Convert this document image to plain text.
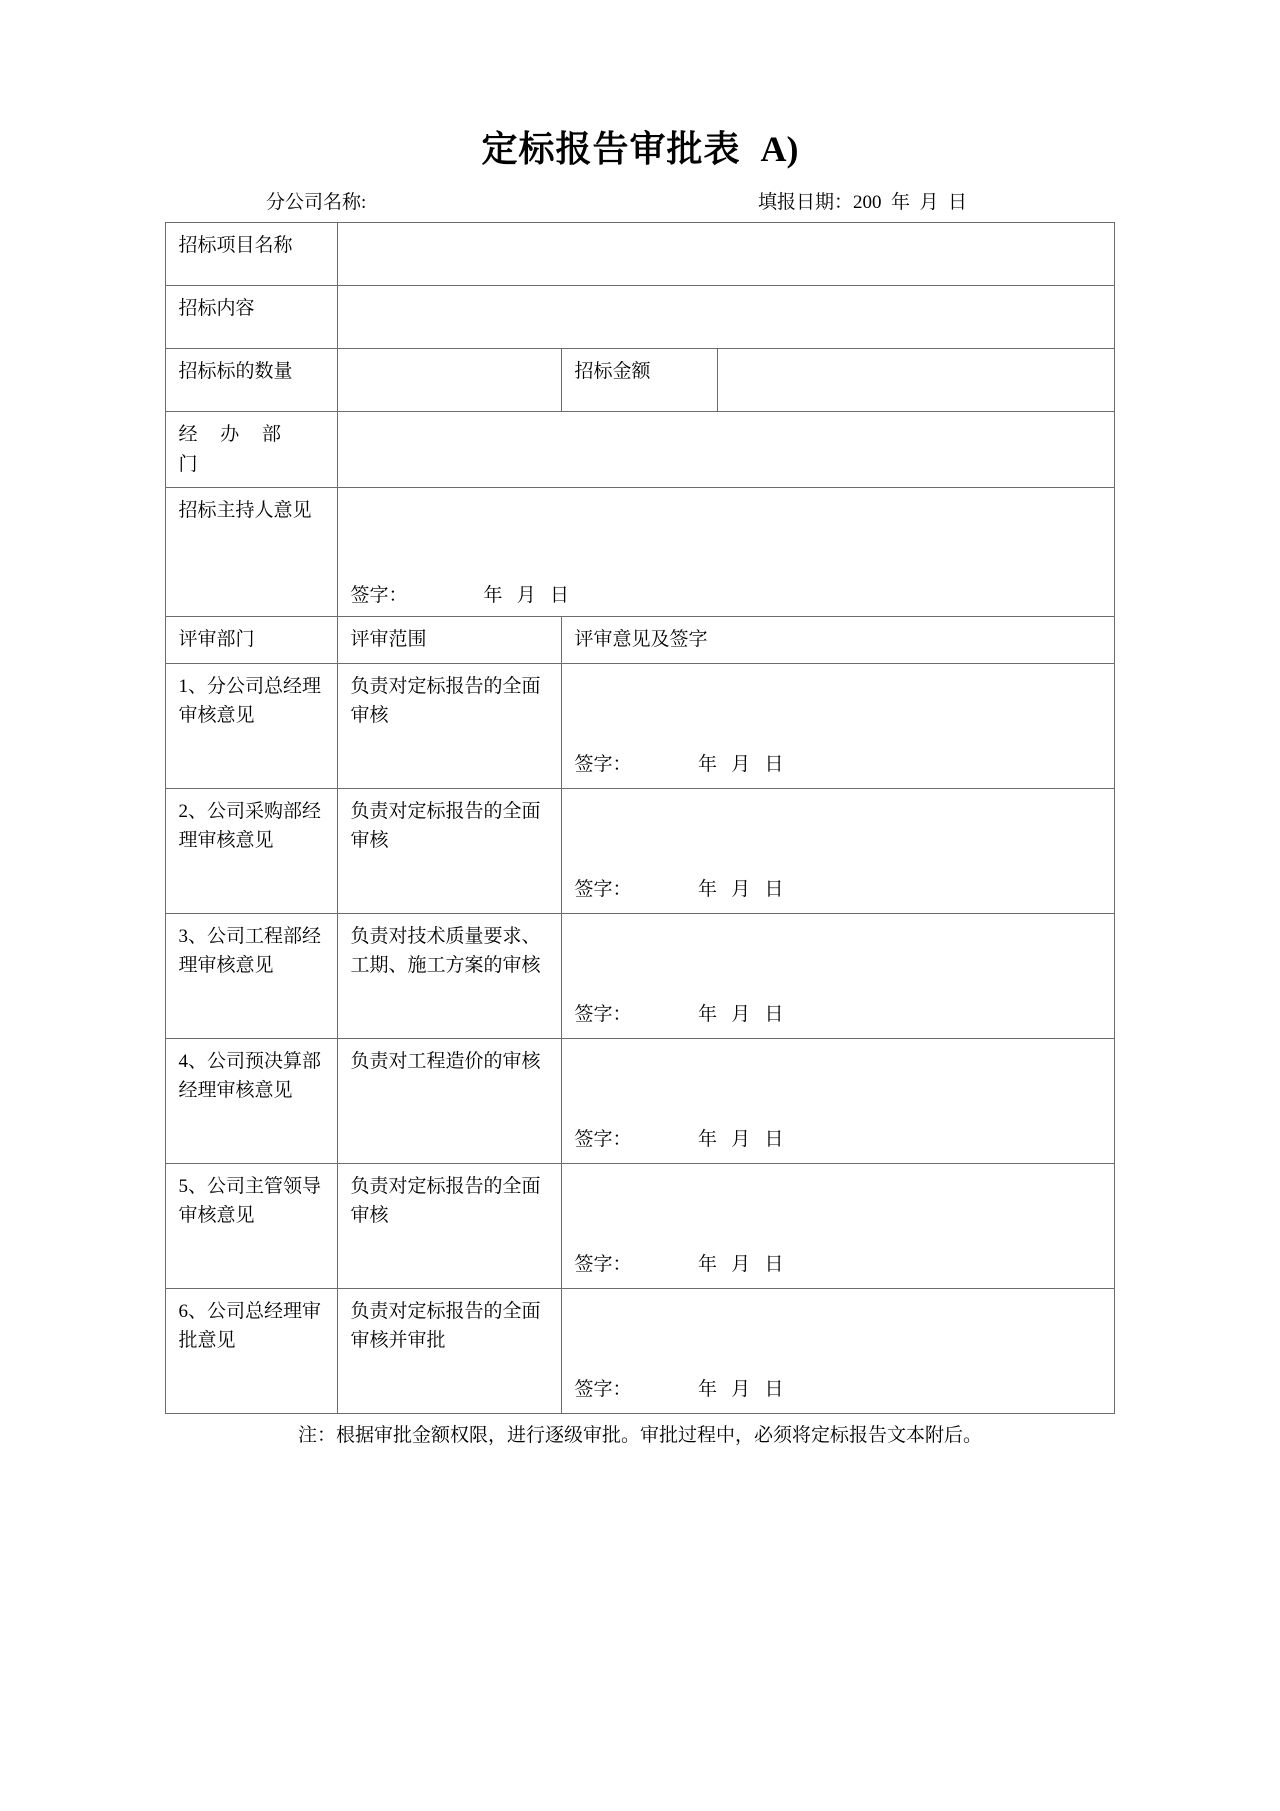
定标报告审批表 A)
分公司名称:	填报日期：200  年  月  日
招标项目名称			
招标内容			
招标标的数量		招标金额	
经 办 部 门			
招标主持人意见	签字：                年   月   日		

评审部门	评审范围	评审意见及签字	
1、分公司总经理审核意见	负责对定标报告的全面审核	签字：              年   月   日	

2、公司采购部经理审核意见	负责对定标报告的全面审核	签字：              年   月   日	

3、公司工程部经理审核意见	负责对技术质量要求、工期、施工方案的审核	签字：              年   月   日	

4、公司预决算部经理审核意见	负责对工程造价的审核	签字：              年   月   日	

5、公司主管领导审核意见	负责对定标报告的全面审核	签字：              年   月   日	

6、公司总经理审批意见	负责对定标报告的全面审核并审批	签字：              年   月   日	
注：根据审批金额权限，进行逐级审批。审批过程中，必须将定标报告文本附后。
